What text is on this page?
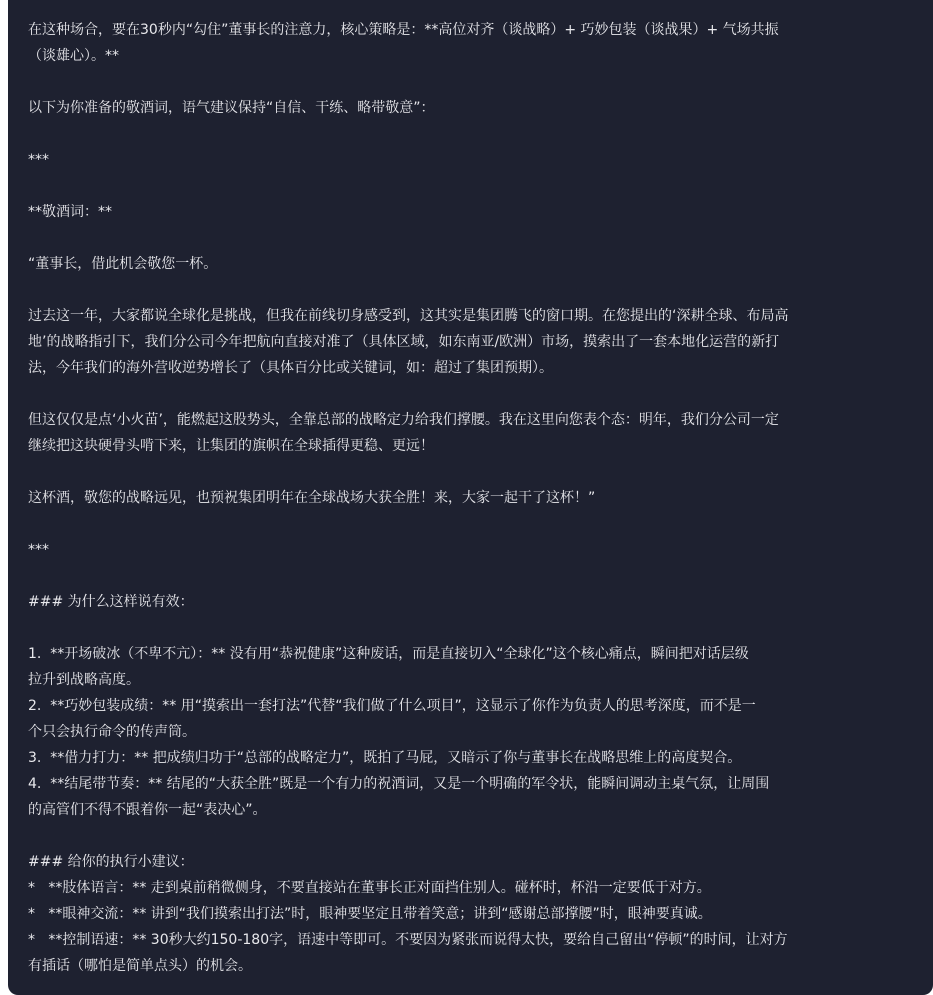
在这种场合，要在30秒内“勾住”董事长的注意力，核心策略是：**高位对齐（谈战略）+ 巧妙包装（谈战果）+ 气场共振
（谈雄心）。**
以下为你准备的敬酒词，语气建议保持“自信、干练、略带敬意”：
***
**敬酒词：**
“董事长，借此机会敬您一杯。
过去这一年，大家都说全球化是挑战，但我在前线切身感受到，这其实是集团腾飞的窗口期。在您提出的‘深耕全球、布局高
地’的战略指引下，我们分公司今年把航向直接对准了（具体区域，如东南亚/欧洲）市场，摸索出了一套本地化运营的新打
法，今年我们的海外营收逆势增长了（具体百分比或关键词，如：超过了集团预期）。
但这仅仅是点‘小火苗’，能燃起这股势头，全靠总部的战略定力给我们撑腰。我在这里向您表个态：明年，我们分公司一定
继续把这块硬骨头啃下来，让集团的旗帜在全球插得更稳、更远！
这杯酒，敬您的战略远见，也预祝集团明年在全球战场大获全胜！来，大家一起干了这杯！”
***
### 为什么这样说有效：
1.  **开场破冰（不卑不亢）：** 没有用“恭祝健康”这种废话，而是直接切入“全球化”这个核心痛点，瞬间把对话层级
拉升到战略高度。
2.  **巧妙包装成绩：** 用“摸索出一套打法”代替“我们做了什么项目”，这显示了你作为负责人的思考深度，而不是一
个只会执行命令的传声筒。
3.  **借力打力：** 把成绩归功于“总部的战略定力”，既拍了马屁，又暗示了你与董事长在战略思维上的高度契合。
4.  **结尾带节奏：** 结尾的“大获全胜”既是一个有力的祝酒词，又是一个明确的军令状，能瞬间调动主桌气氛，让周围
的高管们不得不跟着你一起“表决心”。
### 给你的执行小建议：
*   **肢体语言：** 走到桌前稍微侧身，不要直接站在董事长正对面挡住别人。碰杯时，杯沿一定要低于对方。
*   **眼神交流：** 讲到“我们摸索出打法”时，眼神要坚定且带着笑意；讲到“感谢总部撑腰”时，眼神要真诚。
*   **控制语速：** 30秒大约150-180字，语速中等即可。不要因为紧张而说得太快，要给自己留出“停顿”的时间，让对方
有插话（哪怕是简单点头）的机会。
